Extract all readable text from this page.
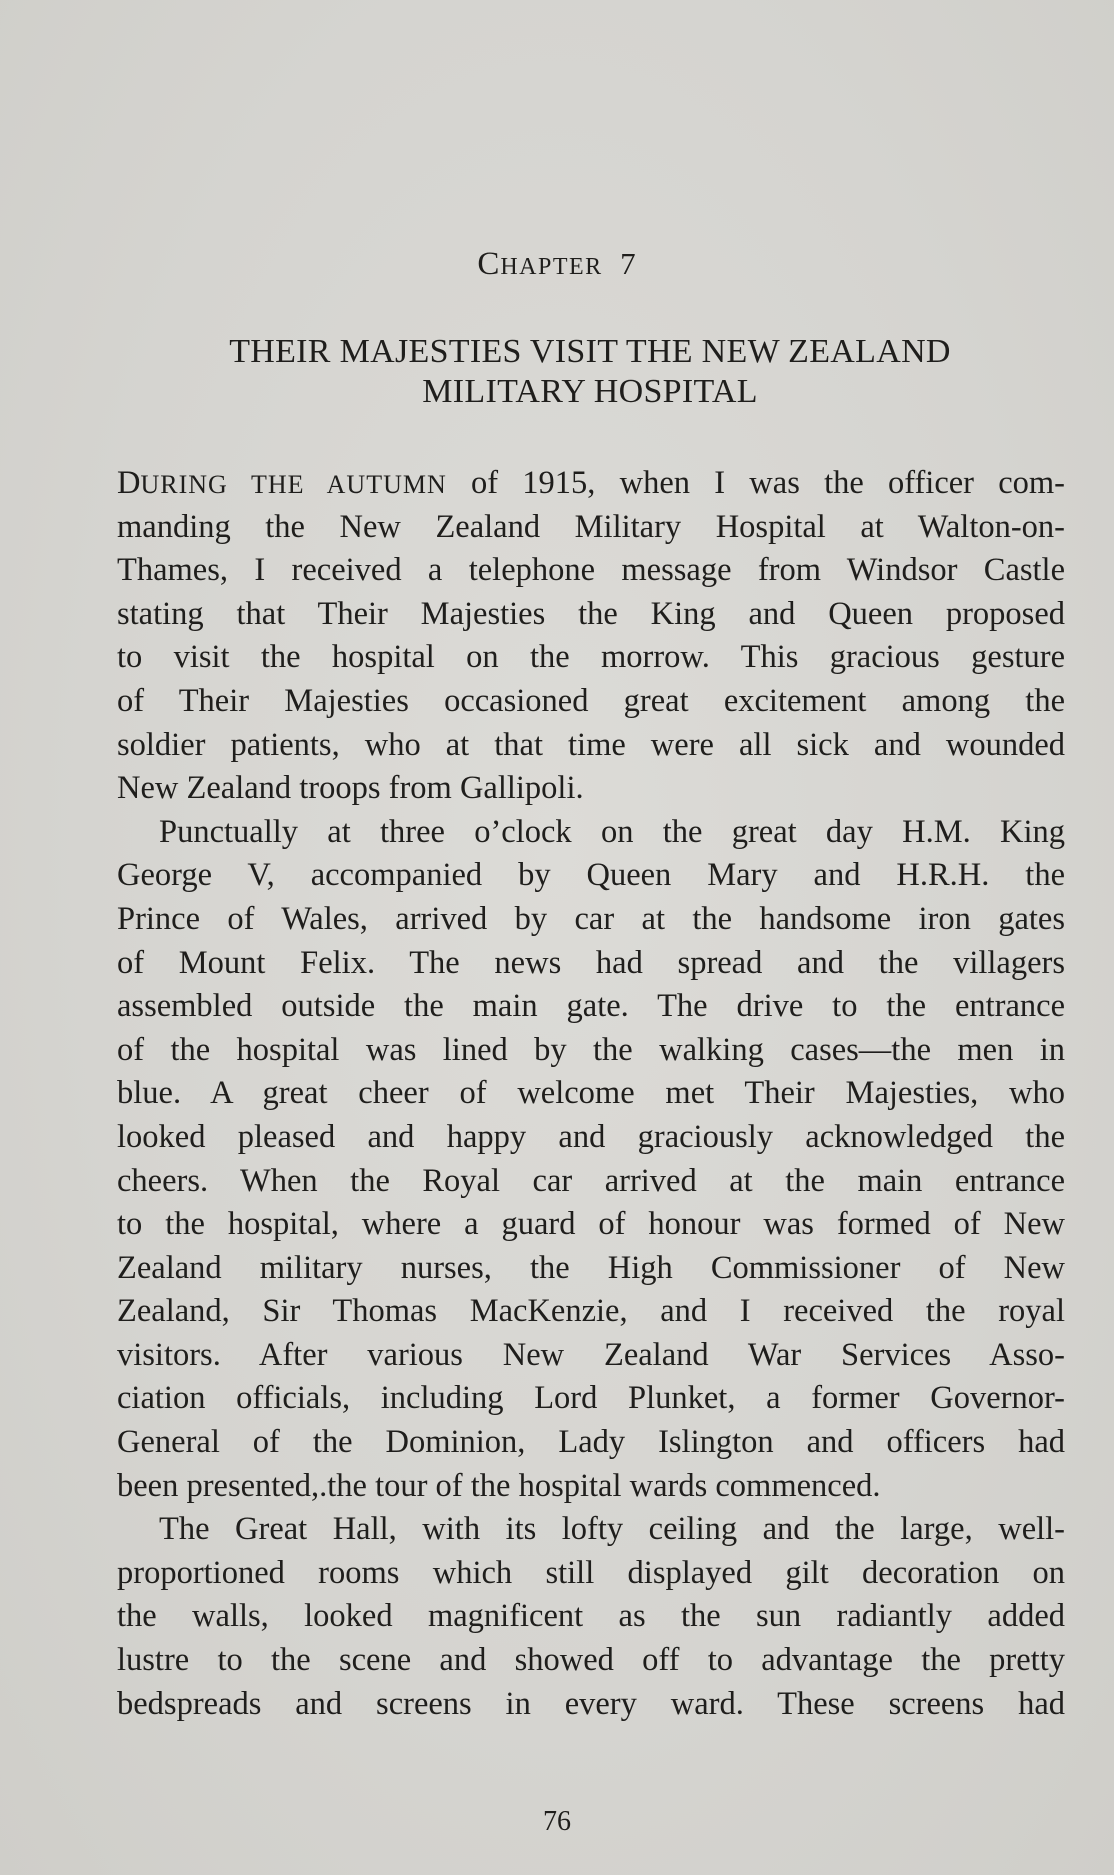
CHAPTER 7
THEIR MAJESTIES VISIT THE NEW ZEALAND
MILITARY HOSPITAL
DURING THE AUTUMN of 1915, when I was the officer com-
manding the New Zealand Military Hospital at Walton-on-
Thames, I received a telephone message from Windsor Castle
stating that Their Majesties the King and Queen proposed
to visit the hospital on the morrow. This gracious gesture
of Their Majesties occasioned great excitement among the
soldier patients, who at that time were all sick and wounded
New Zealand troops from Gallipoli.
Punctually at three o’clock on the great day H.M. King
George V, accompanied by Queen Mary and H.R.H. the
Prince of Wales, arrived by car at the handsome iron gates
of Mount Felix. The news had spread and the villagers
assembled outside the main gate. The drive to the entrance
of the hospital was lined by the walking cases—the men in
blue. A great cheer of welcome met Their Majesties, who
looked pleased and happy and graciously acknowledged the
cheers. When the Royal car arrived at the main entrance
to the hospital, where a guard of honour was formed of New
Zealand military nurses, the High Commissioner of New
Zealand, Sir Thomas MacKenzie, and I received the royal
visitors. After various New Zealand War Services Asso-
ciation officials, including Lord Plunket, a former Governor-
General of the Dominion, Lady Islington and officers had
been presented,.the tour of the hospital wards commenced.
The Great Hall, with its lofty ceiling and the large, well-
proportioned rooms which still displayed gilt decoration on
the walls, looked magnificent as the sun radiantly added
lustre to the scene and showed off to advantage the pretty
bedspreads and screens in every ward. These screens had
76
